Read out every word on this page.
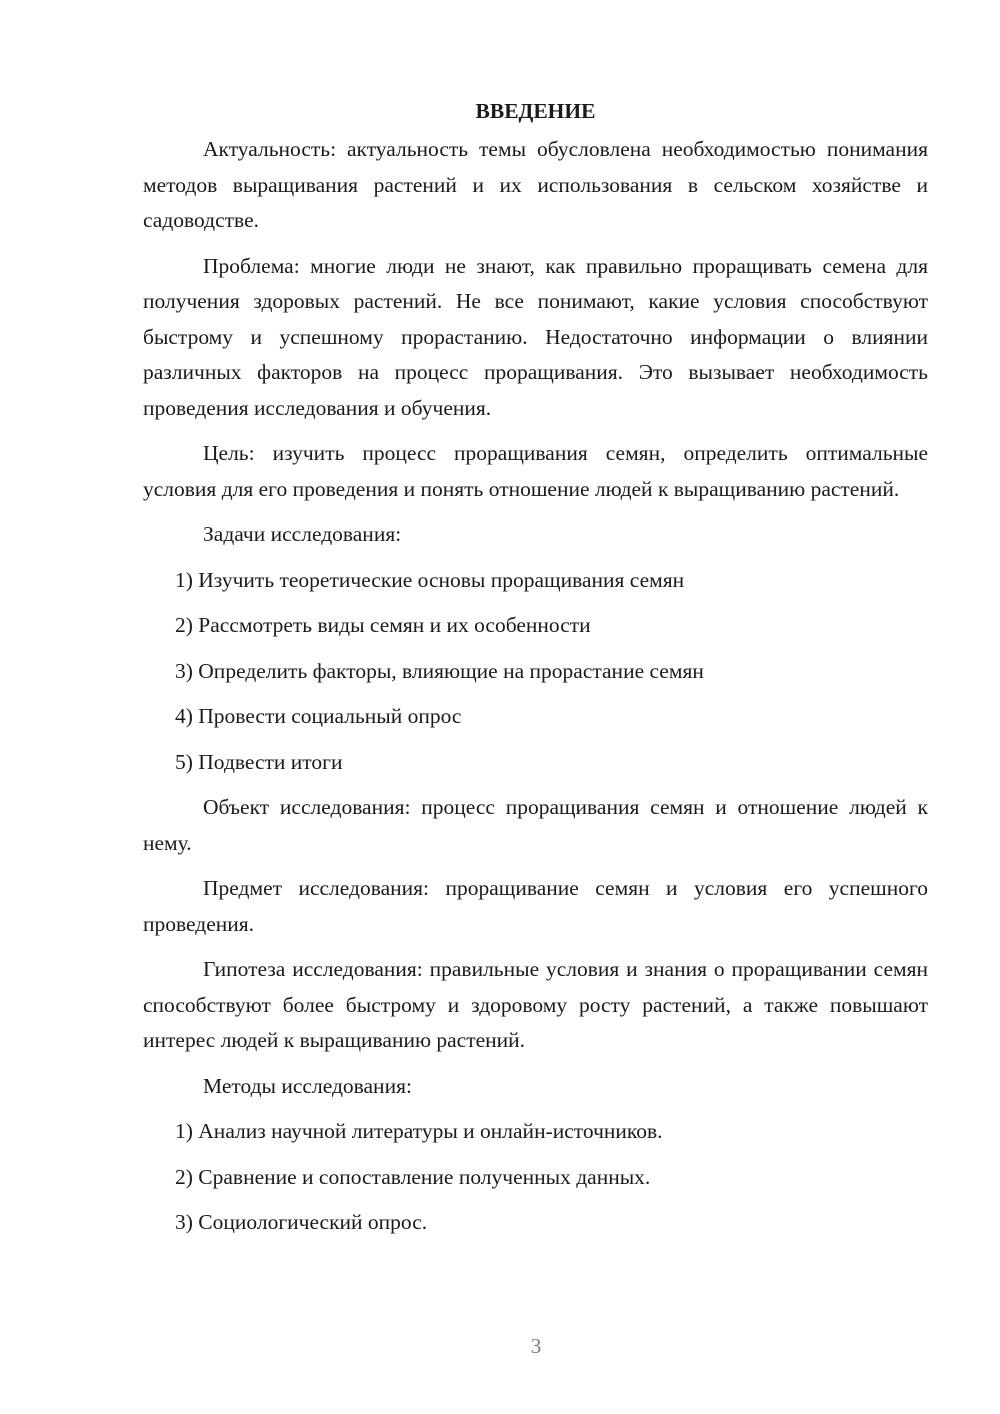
ВВЕДЕНИЕ

Актуальность: актуальность темы обусловлена необходимостью понимания методов выращивания растений и их использования в сельском хозяйстве и садоводстве.

Проблема: многие люди не знают, как правильно проращивать семена для получения здоровых растений. Не все понимают, какие условия способствуют быстрому и успешному прорастанию. Недостаточно информации о влиянии различных факторов на процесс проращивания. Это вызывает необходимость проведения исследования и обучения.

Цель: изучить процесс проращивания семян, определить оптимальные условия для его проведения и понять отношение людей к выращиванию растений.

Задачи исследования:

1) Изучить теоретические основы проращивания семян
2) Рассмотреть виды семян и их особенности
3) Определить факторы, влияющие на прорастание семян
4) Провести социальный опрос
5) Подвести итоги

Объект исследования: процесс проращивания семян и отношение людей к нему.

Предмет исследования: проращивание семян и условия его успешного проведения.

Гипотеза исследования: правильные условия и знания о проращивании семян способствуют более быстрому и здоровому росту растений, а также повышают интерес людей к выращиванию растений.

Методы исследования:

1) Анализ научной литературы и онлайн-источников.
2) Сравнение и сопоставление полученных данных.
3) Социологический опрос.
3
